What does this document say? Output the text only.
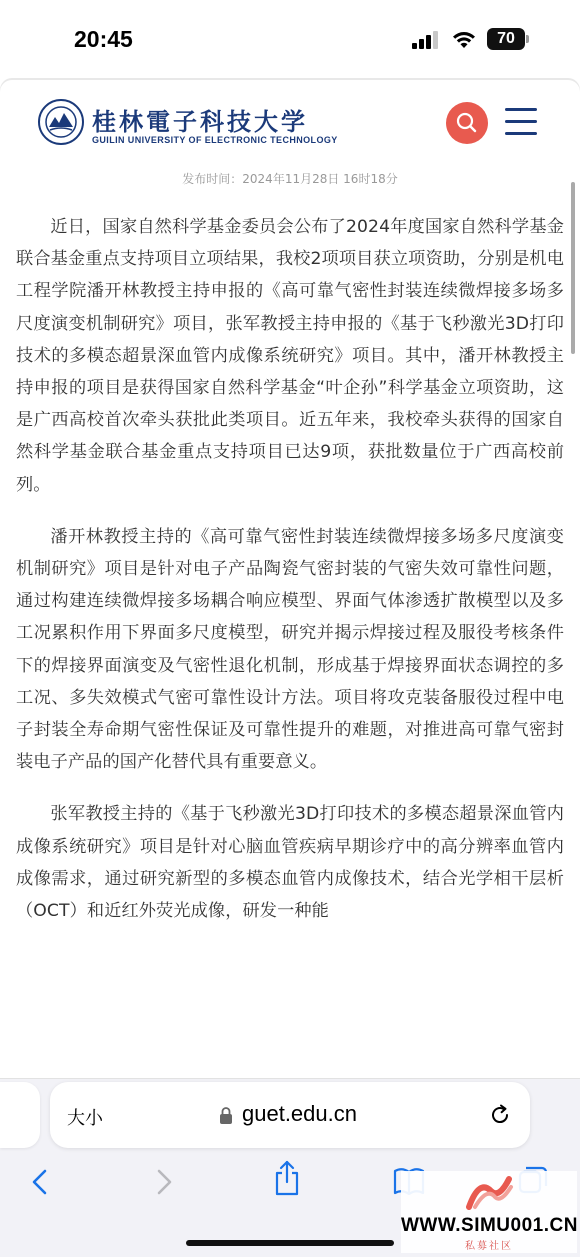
20:45	70
桂林電子科技大学
GUILIN UNIVERSITY OF ELECTRONIC TECHNOLOGY
发布时间：2024年11月28日 16时18分

近日，国家自然科学基金委员会公布了2024年度国家自然科学基金联合基金重点支持项目立项结果，我校2项项目获立项资助，分别是机电工程学院潘开林教授主持申报的《高可靠气密性封装连续微焊接多场多尺度演变机制研究》项目，张军教授主持申报的《基于飞秒激光3D打印技术的多模态超景深血管内成像系统研究》项目。其中，潘开林教授主持申报的项目是获得国家自然科学基金“叶企孙”科学基金立项资助，这是广西高校首次牵头获批此类项目。近五年来，我校牵头获得的国家自然科学基金联合基金重点支持项目已达9项，获批数量位于广西高校前列。

潘开林教授主持的《高可靠气密性封装连续微焊接多场多尺度演变机制研究》项目是针对电子产品陶瓷气密封装的气密失效可靠性问题，通过构建连续微焊接多场耦合响应模型、界面气体渗透扩散模型以及多工况累积作用下界面多尺度模型，研究并揭示焊接过程及服役考核条件下的焊接界面演变及气密性退化机制，形成基于焊接界面状态调控的多工况、多失效模式气密可靠性设计方法。项目将攻克装备服役过程中电子封装全寿命期气密性保证及可靠性提升的难题，对推进高可靠气密封装电子产品的国产化替代具有重要意义。

张军教授主持的《基于飞秒激光3D打印技术的多模态超景深血管内成像系统研究》项目是针对心脑血管疾病早期诊疗中的高分辨率血管内成像需求，通过研究新型的多模态血管内成像技术，结合光学相干层析（OCT）和近红外荧光成像，研发一种能

大小	guet.edu.cn
WWW.SIMU001.CN
私募社区
